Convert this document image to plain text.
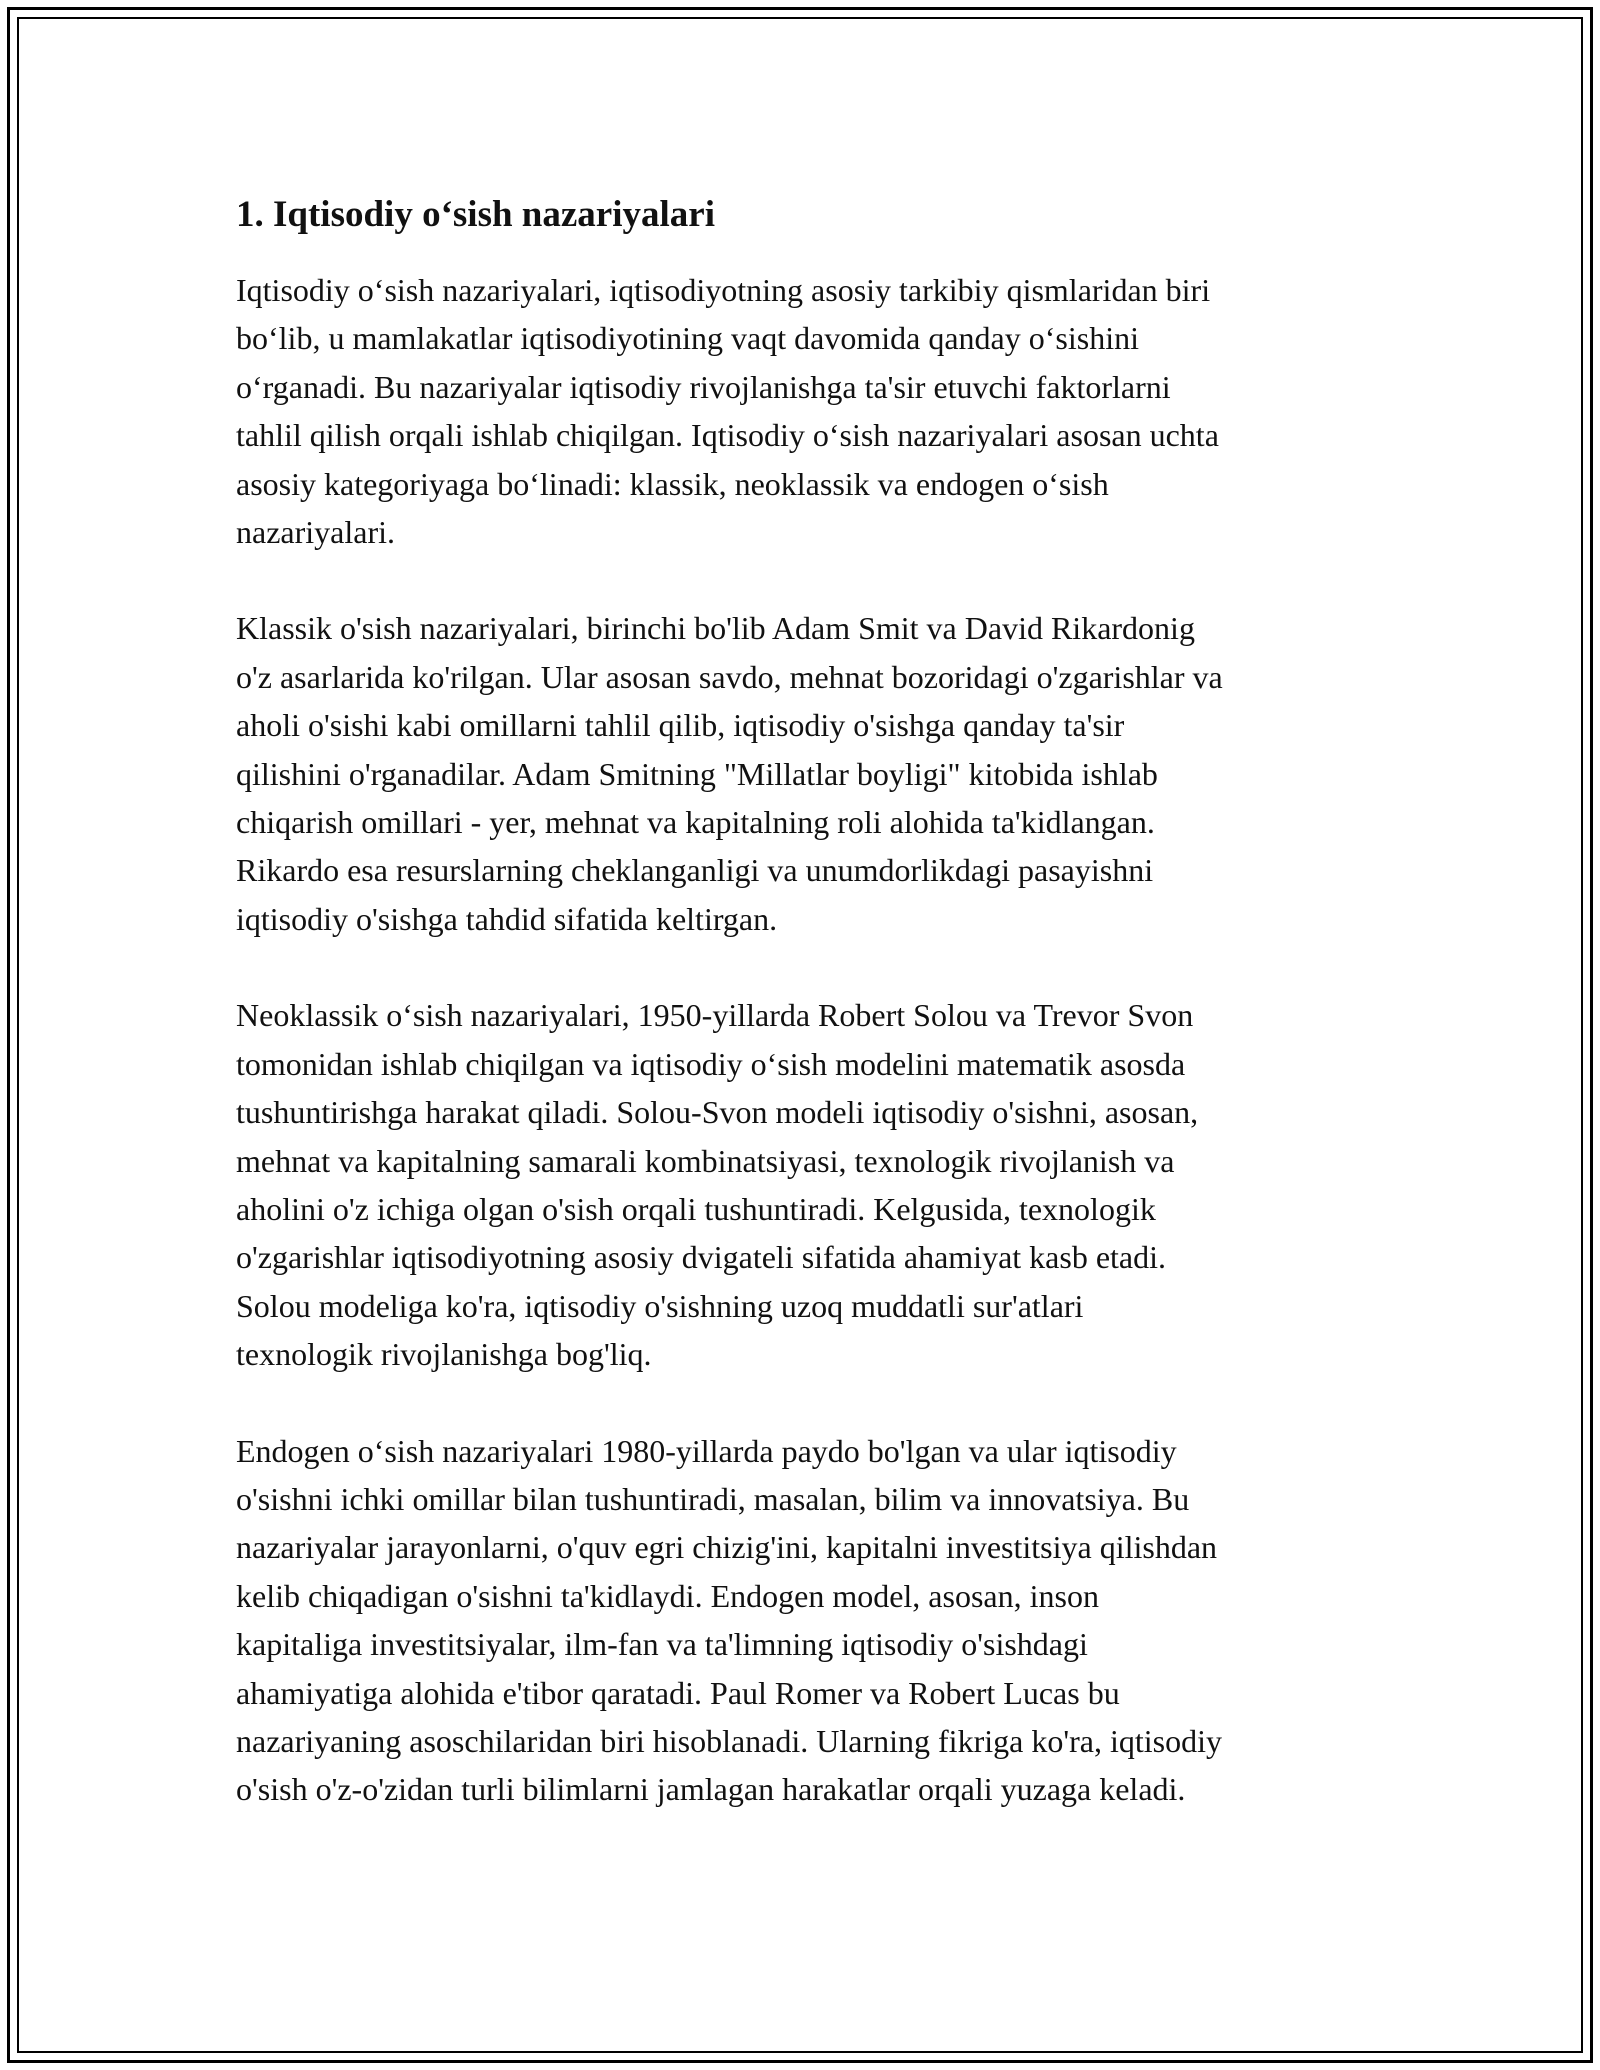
1. Iqtisodiy o‘sish nazariyalari

Iqtisodiy o‘sish nazariyalari, iqtisodiyotning asosiy tarkibiy qismlaridan biri
bo‘lib, u mamlakatlar iqtisodiyotining vaqt davomida qanday o‘sishini
o‘rganadi. Bu nazariyalar iqtisodiy rivojlanishga ta'sir etuvchi faktorlarni
tahlil qilish orqali ishlab chiqilgan. Iqtisodiy o‘sish nazariyalari asosan uchta
asosiy kategoriyaga bo‘linadi: klassik, neoklassik va endogen o‘sish
nazariyalari.

Klassik o'sish nazariyalari, birinchi bo'lib Adam Smit va David Rikardonig
o'z asarlarida ko'rilgan. Ular asosan savdo, mehnat bozoridagi o'zgarishlar va
aholi o'sishi kabi omillarni tahlil qilib, iqtisodiy o'sishga qanday ta'sir
qilishini o'rganadilar. Adam Smitning "Millatlar boyligi" kitobida ishlab
chiqarish omillari - yer, mehnat va kapitalning roli alohida ta'kidlangan.
Rikardo esa resurslarning cheklanganligi va unumdorlikdagi pasayishni
iqtisodiy o'sishga tahdid sifatida keltirgan.

Neoklassik o‘sish nazariyalari, 1950-yillarda Robert Solou va Trevor Svon
tomonidan ishlab chiqilgan va iqtisodiy o‘sish modelini matematik asosda
tushuntirishga harakat qiladi. Solou-Svon modeli iqtisodiy o'sishni, asosan,
mehnat va kapitalning samarali kombinatsiyasi, texnologik rivojlanish va
aholini o'z ichiga olgan o'sish orqali tushuntiradi. Kelgusida, texnologik
o'zgarishlar iqtisodiyotning asosiy dvigateli sifatida ahamiyat kasb etadi.
Solou modeliga ko'ra, iqtisodiy o'sishning uzoq muddatli sur'atlari
texnologik rivojlanishga bog'liq.

Endogen o‘sish nazariyalari 1980-yillarda paydo bo'lgan va ular iqtisodiy
o'sishni ichki omillar bilan tushuntiradi, masalan, bilim va innovatsiya. Bu
nazariyalar jarayonlarni, o'quv egri chizig'ini, kapitalni investitsiya qilishdan
kelib chiqadigan o'sishni ta'kidlaydi. Endogen model, asosan, inson
kapitaliga investitsiyalar, ilm-fan va ta'limning iqtisodiy o'sishdagi
ahamiyatiga alohida e'tibor qaratadi. Paul Romer va Robert Lucas bu
nazariyaning asoschilaridan biri hisoblanadi. Ularning fikriga ko'ra, iqtisodiy
o'sish o'z-o'zidan turli bilimlarni jamlagan harakatlar orqali yuzaga keladi.
